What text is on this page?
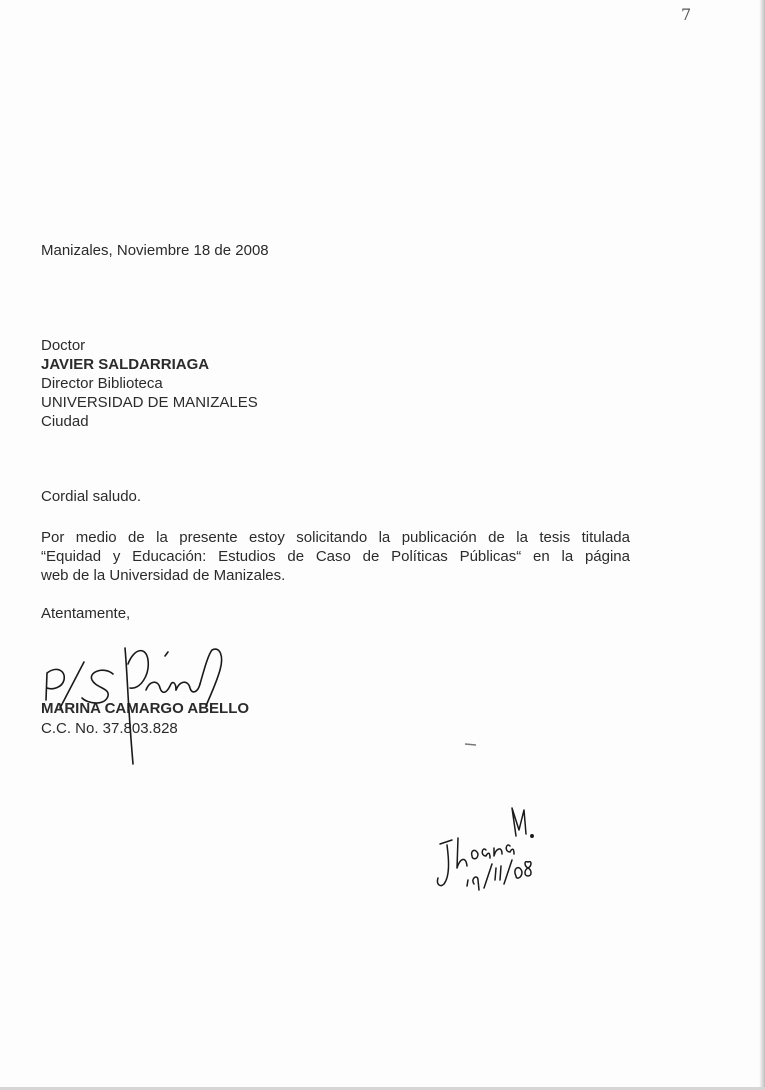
7
Manizales, Noviembre 18 de 2008
Doctor
JAVIER SALDARRIAGA
Director Biblioteca
UNIVERSIDAD DE MANIZALES
Ciudad
Cordial saludo.
Por medio de la presente estoy solicitando la publicación de la tesis titulada
“Equidad y Educación: Estudios de Caso de Políticas Públicas“ en la página
web de la Universidad de Manizales.
Atentamente,
MARINA CAMARGO ABELLO
C.C. No. 37.803.828
